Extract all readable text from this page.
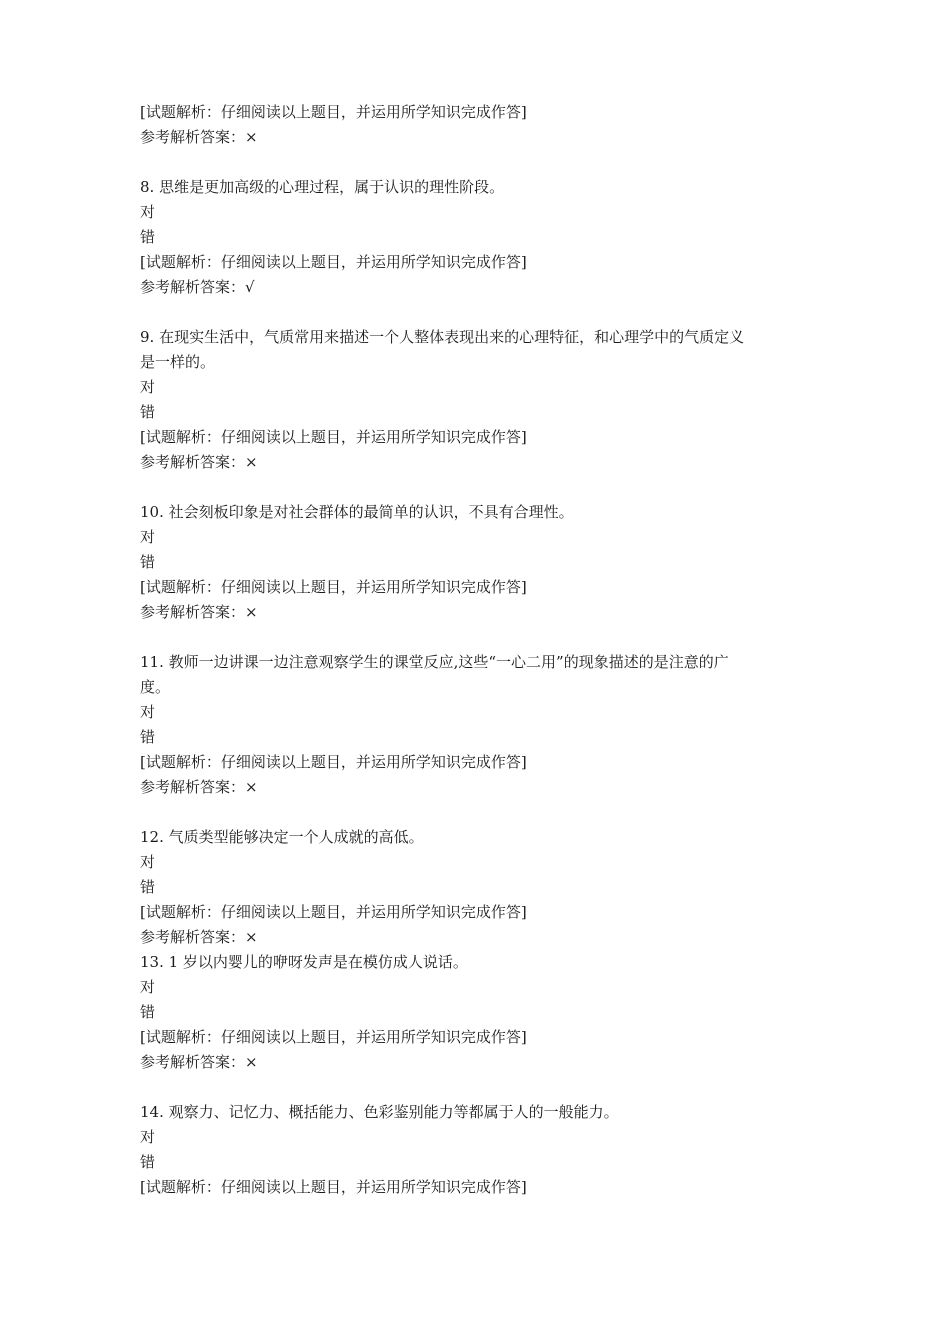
[试题解析：仔细阅读以上题目，并运用所学知识完成作答]
参考解析答案：×
8. 思维是更加高级的心理过程，属于认识的理性阶段。
对
错
[试题解析：仔细阅读以上题目，并运用所学知识完成作答]
参考解析答案：√
9. 在现实生活中，气质常用来描述一个人整体表现出来的心理特征，和心理学中的气质定义
是一样的。
对
错
[试题解析：仔细阅读以上题目，并运用所学知识完成作答]
参考解析答案：×
10. 社会刻板印象是对社会群体的最简单的认识，不具有合理性。
对
错
[试题解析：仔细阅读以上题目，并运用所学知识完成作答]
参考解析答案：×
11. 教师一边讲课一边注意观察学生的课堂反应,这些“一心二用”的现象描述的是注意的广
度。
对
错
[试题解析：仔细阅读以上题目，并运用所学知识完成作答]
参考解析答案：×
12. 气质类型能够决定一个人成就的高低。
对
错
[试题解析：仔细阅读以上题目，并运用所学知识完成作答]
参考解析答案：×
13. 1 岁以内婴儿的咿呀发声是在模仿成人说话。
对
错
[试题解析：仔细阅读以上题目，并运用所学知识完成作答]
参考解析答案：×
14. 观察力、记忆力、概括能力、色彩鉴别能力等都属于人的一般能力。
对
错
[试题解析：仔细阅读以上题目，并运用所学知识完成作答]
